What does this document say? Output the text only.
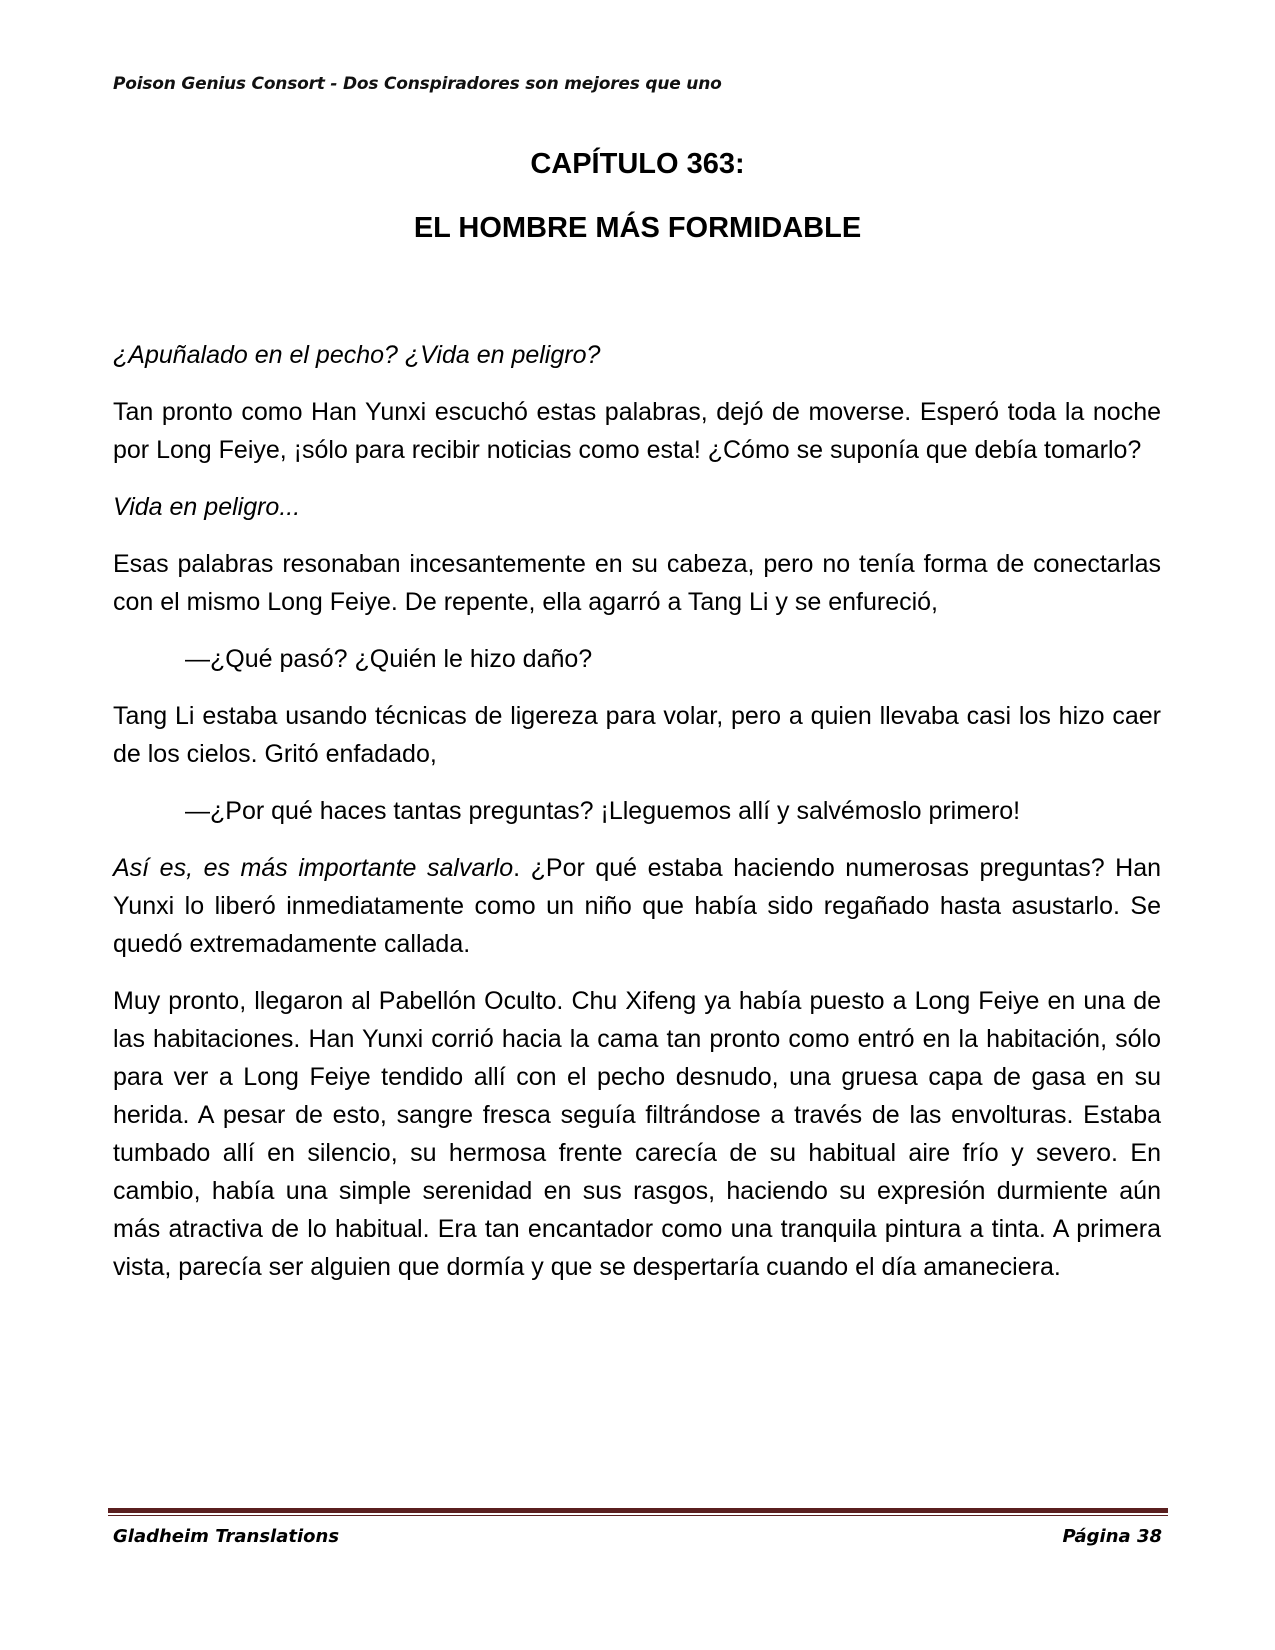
Poison Genius Consort - Dos Conspiradores son mejores que uno
CAPÍTULO 363:
EL HOMBRE MÁS FORMIDABLE

¿Apuñalado en el pecho? ¿Vida en peligro?

Tan pronto como Han Yunxi escuchó estas palabras, dejó de moverse. Esperó toda la noche por Long Feiye, ¡sólo para recibir noticias como esta! ¿Cómo se suponía que debía tomarlo?

Vida en peligro...

Esas palabras resonaban incesantemente en su cabeza, pero no tenía forma de conectarlas con el mismo Long Feiye. De repente, ella agarró a Tang Li y se enfureció,

—¿Qué pasó? ¿Quién le hizo daño?

Tang Li estaba usando técnicas de ligereza para volar, pero a quien llevaba casi los hizo caer de los cielos. Gritó enfadado,

—¿Por qué haces tantas preguntas? ¡Lleguemos allí y salvémoslo primero!

Así es, es más importante salvarlo. ¿Por qué estaba haciendo numerosas preguntas? Han Yunxi lo liberó inmediatamente como un niño que había sido regañado hasta asustarlo. Se quedó extremadamente callada.

Muy pronto, llegaron al Pabellón Oculto. Chu Xifeng ya había puesto a Long Feiye en una de las habitaciones. Han Yunxi corrió hacia la cama tan pronto como entró en la habitación, sólo para ver a Long Feiye tendido allí con el pecho desnudo, una gruesa capa de gasa en su herida. A pesar de esto, sangre fresca seguía filtrándose a través de las envolturas. Estaba tumbado allí en silencio, su hermosa frente carecía de su habitual aire frío y severo. En cambio, había una simple serenidad en sus rasgos, haciendo su expresión durmiente aún más atractiva de lo habitual. Era tan encantador como una tranquila pintura a tinta. A primera vista, parecía ser alguien que dormía y que se despertaría cuando el día amaneciera.

Gladheim Translations	Página 38
